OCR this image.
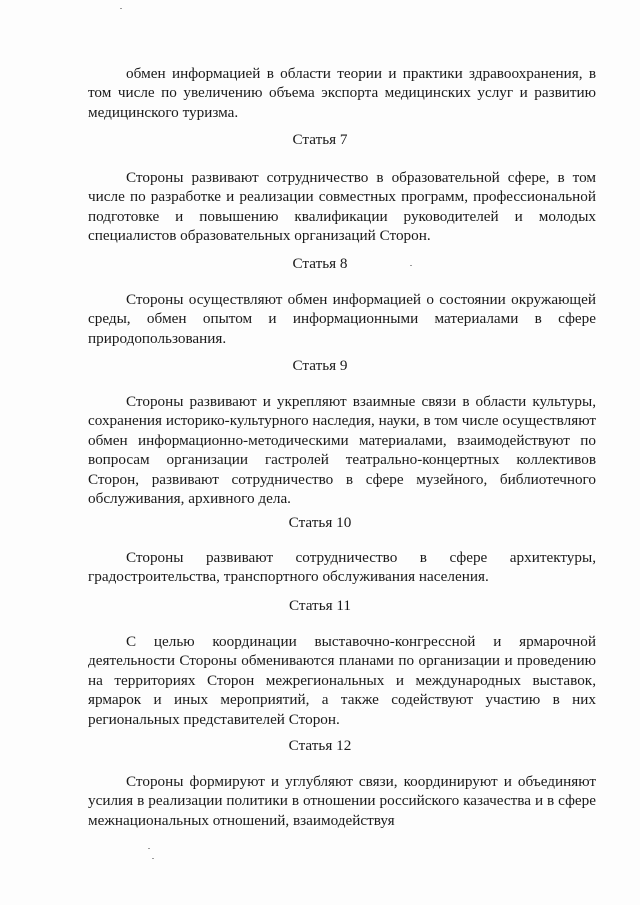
обмен информацией в области теории и практики здравоохранения, в том числе по увеличению объема экспорта медицинских услуг и развитию медицинского туризма.

Статья 7

Стороны развивают сотрудничество в образовательной сфере, в том числе по разработке и реализации совместных программ, профессиональной подготовке и повышению квалификации руководителей и молодых специалистов образовательных организаций Сторон.

Статья 8

Стороны осуществляют обмен информацией о состоянии окружающей среды, обмен опытом и информационными материалами в сфере природопользования.

Статья 9

Стороны развивают и укрепляют взаимные связи в области культуры, сохранения историко-культурного наследия, науки, в том числе осуществляют обмен информационно-методическими материалами, взаимодействуют по вопросам организации гастролей театрально-концертных коллективов Сторон, развивают сотрудничество в сфере музейного, библиотечного обслуживания, архивного дела.

Статья 10

Стороны развивают сотрудничество в сфере архитектуры, градостроительства, транспортного обслуживания населения.

Статья 11

С целью координации выставочно-конгрессной и ярмарочной деятельности Стороны обмениваются планами по организации и проведению на территориях Сторон межрегиональных и международных выставок, ярмарок и иных мероприятий, а также содействуют участию в них региональных представителей Сторон.

Статья 12

Стороны формируют и углубляют связи, координируют и объединяют усилия в реализации политики в отношении российского казачества и в сфере межнациональных отношений, взаимодействуя
